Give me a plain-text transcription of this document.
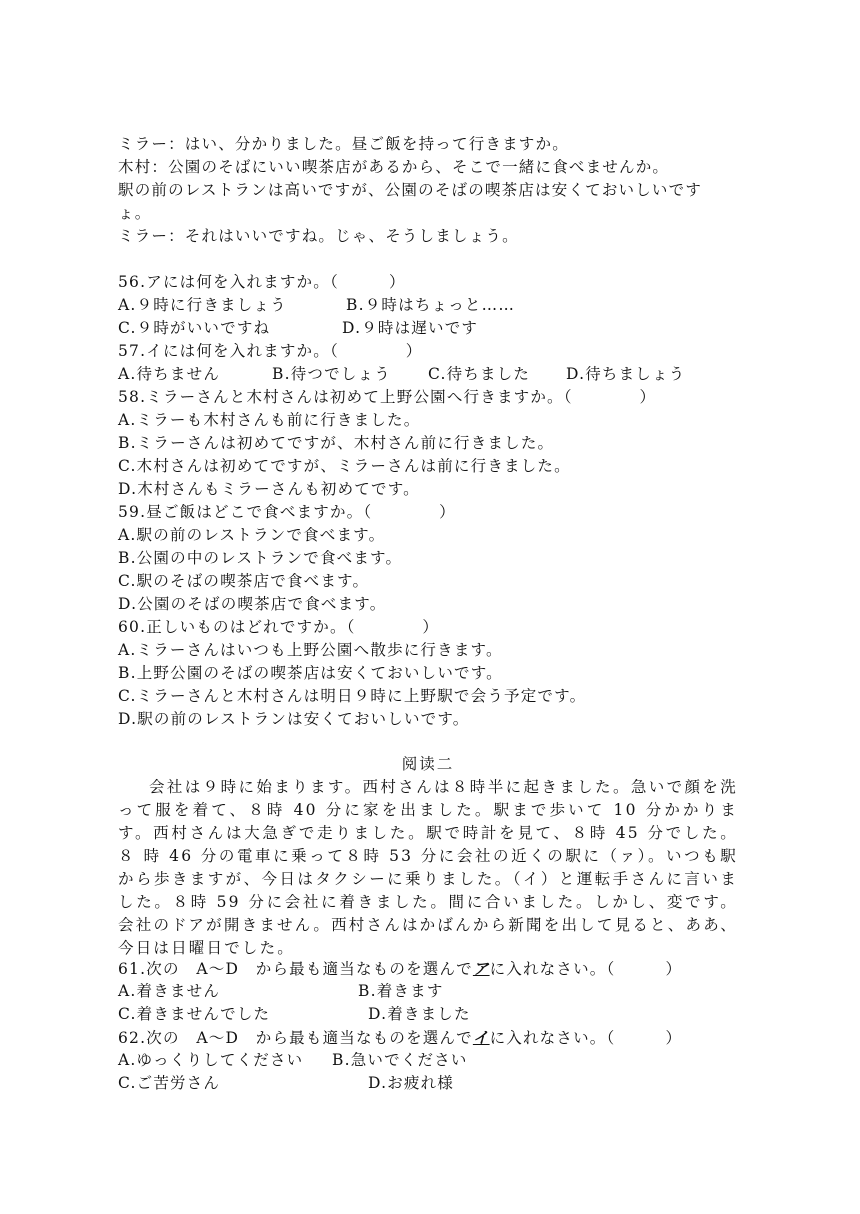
ミラー：はい、分かりました。昼ご飯を持って行きますか。
木村：公園のそばにいい喫茶店があるから、そこで一緒に食べませんか。
駅の前のレストランは高いですが、公園のそばの喫茶店は安くておいしいです
ょ。
ミラー：それはいいですね。じゃ、そうしましょう。
56.アには何を入れますか。（　　　）
A.９時に行きましょう	B.９時はちょっと……
C.９時がいいですね	D.９時は遅いです
57.イには何を入れますか。（　　　　）
A.待ちません	B.待つでしょう C.待ちました D.待ちましょう
58.ミラーさんと木村さんは初めて上野公園へ行きますか。（　　　　）
A.ミラーも木村さんも前に行きました。
B.ミラーさんは初めてですが、木村さん前に行きました。
C.木村さんは初めてですが、ミラーさんは前に行きました。
D.木村さんもミラーさんも初めてです。
59.昼ご飯はどこで食べますか。（　　　　）
A.駅の前のレストランで食べます。
B.公園の中のレストランで食べます。
C.駅のそばの喫茶店で食べます。
D.公園のそばの喫茶店で食べます。
60.正しいものはどれですか。（　　　　）
A.ミラーさんはいつも上野公園へ散歩に行きます。
B.上野公園のそばの喫茶店は安くておいしいです。
C.ミラーさんと木村さんは明日９時に上野駅で会う予定です。
D.駅の前のレストランは安くておいしいです。
阅读二
会社は９時に始まります。西村さんは８時半に起きました。急いで顔を洗って服を着て、８時 40 分に家を出ました。駅まで歩いて 10 分かかります。西村さんは大急ぎで走りました。駅で時計を見て、８時 45 分でした。８ 時 46 分の電車に乗って８時 53 分に会社の近くの駅に（ァ）。いつも駅から歩きますが、今日はタクシーに乗りました。（イ）と運転手さんに言いました。８時 59 分に会社に着きました。間に合いました。しかし、変です。会社のドアが開きません。西村さんはかばんから新聞を出して見ると、ああ、今日は日曜日でした。
61.次の　A～D　から最も適当なものを選んでアに入れなさい。（　　　）
A.着きません	B.着きます
C.着きませんでした	D.着きました
62.次の　A～D　から最も適当なものを選んでイに入れなさい。（　　　）
A.ゆっくりしてください B.急いでください
C.ご苦労さん	D.お疲れ様
